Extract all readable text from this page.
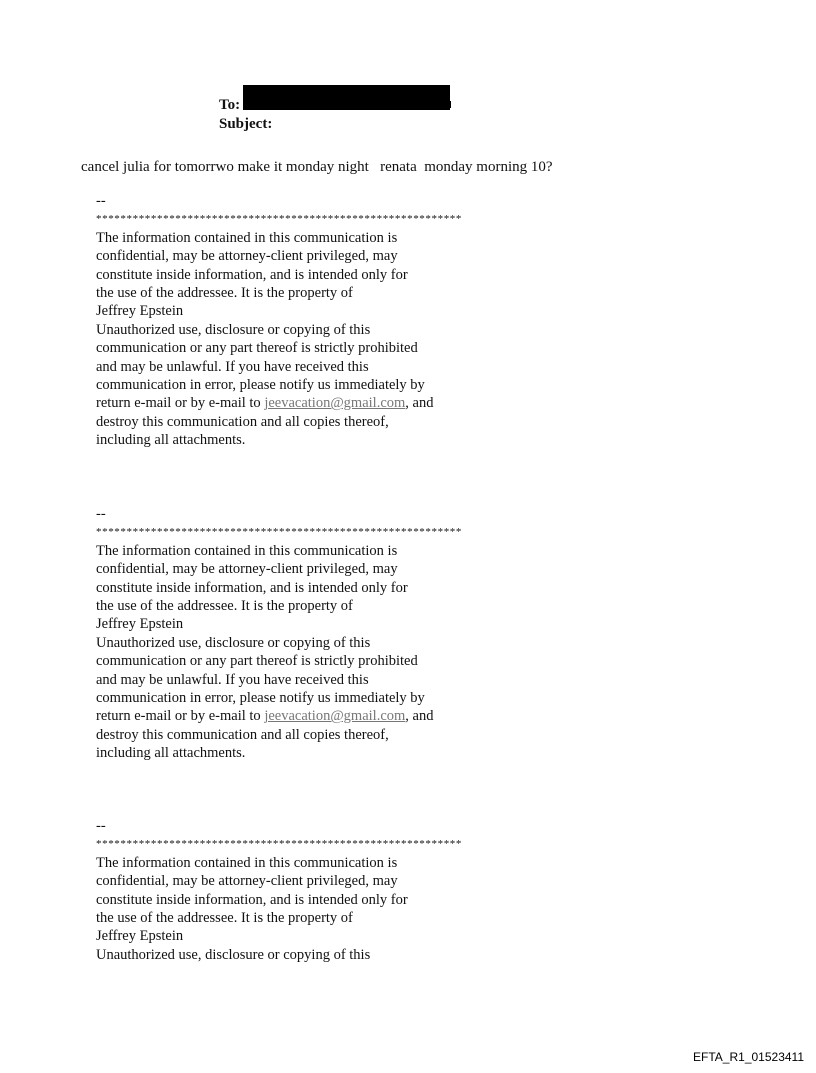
To:
Subject:
cancel julia for tomorrwo make it monday night   renata  monday morning 10?
--
************************************************************
The information contained in this communication is
confidential, may be attorney-client privileged, may
constitute inside information, and is intended only for
the use of the addressee. It is the property of
Jeffrey Epstein
Unauthorized use, disclosure or copying of this
communication or any part thereof is strictly prohibited
and may be unlawful. If you have received this
communication in error, please notify us immediately by
return e-mail or by e-mail to jeevacation@gmail.com, and
destroy this communication and all copies thereof,
including all attachments.
--
************************************************************
The information contained in this communication is
confidential, may be attorney-client privileged, may
constitute inside information, and is intended only for
the use of the addressee. It is the property of
Jeffrey Epstein
Unauthorized use, disclosure or copying of this
communication or any part thereof is strictly prohibited
and may be unlawful. If you have received this
communication in error, please notify us immediately by
return e-mail or by e-mail to jeevacation@gmail.com, and
destroy this communication and all copies thereof,
including all attachments.
--
************************************************************
The information contained in this communication is
confidential, may be attorney-client privileged, may
constitute inside information, and is intended only for
the use of the addressee. It is the property of
Jeffrey Epstein
Unauthorized use, disclosure or copying of this
EFTA_R1_01523411
